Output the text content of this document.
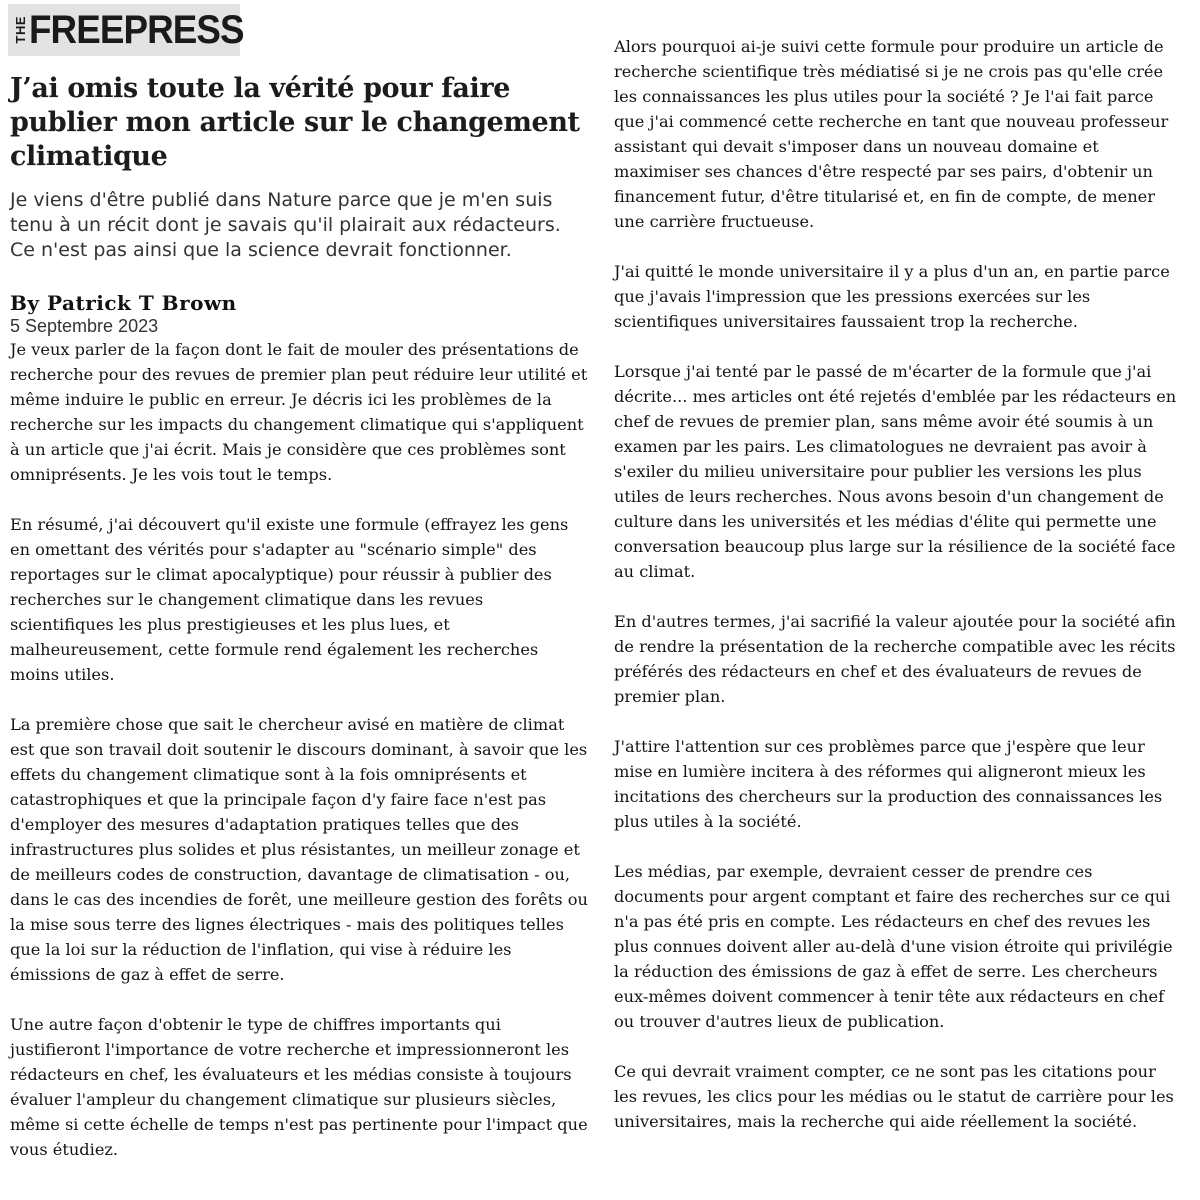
THE FREEPRESS
J’ai omis toute la vérité pour faire publier mon article sur le changement climatique

Je viens d'être publié dans Nature parce que je m'en suis tenu à un récit dont je savais qu'il plairait aux rédacteurs. Ce n'est pas ainsi que la science devrait fonctionner.

By Patrick T Brown

5 Septembre 2023

Je veux parler de la façon dont le fait de mouler des présentations de recherche pour des revues de premier plan peut réduire leur utilité et même induire le public en erreur. Je décris ici les problèmes de la recherche sur les impacts du changement climatique qui s'appliquent à un article que j'ai écrit. Mais je considère que ces problèmes sont omniprésents. Je les vois tout le temps.

En résumé, j'ai découvert qu'il existe une formule (effrayez les gens en omettant des vérités pour s'adapter au "scénario simple" des reportages sur le climat apocalyptique) pour réussir à publier des recherches sur le changement climatique dans les revues scientifiques les plus prestigieuses et les plus lues, et malheureusement, cette formule rend également les recherches moins utiles.

La première chose que sait le chercheur avisé en matière de climat est que son travail doit soutenir le discours dominant, à savoir que les effets du changement climatique sont à la fois omniprésents et catastrophiques et que la principale façon d'y faire face n'est pas d'employer des mesures d'adaptation pratiques telles que des infrastructures plus solides et plus résistantes, un meilleur zonage et de meilleurs codes de construction, davantage de climatisation - ou, dans le cas des incendies de forêt, une meilleure gestion des forêts ou la mise sous terre des lignes électriques - mais des politiques telles que la loi sur la réduction de l'inflation, qui vise à réduire les émissions de gaz à effet de serre.

Une autre façon d'obtenir le type de chiffres importants qui justifieront l'importance de votre recherche et impressionneront les rédacteurs en chef, les évaluateurs et les médias consiste à toujours évaluer l'ampleur du changement climatique sur plusieurs siècles, même si cette échelle de temps n'est pas pertinente pour l'impact que vous étudiez.

Alors pourquoi ai-je suivi cette formule pour produire un article de recherche scientifique très médiatisé si je ne crois pas qu'elle crée les connaissances les plus utiles pour la société ? Je l'ai fait parce que j'ai commencé cette recherche en tant que nouveau professeur assistant qui devait s'imposer dans un nouveau domaine et maximiser ses chances d'être respecté par ses pairs, d'obtenir un financement futur, d'être titularisé et, en fin de compte, de mener une carrière fructueuse.

J'ai quitté le monde universitaire il y a plus d'un an, en partie parce que j'avais l'impression que les pressions exercées sur les scientifiques universitaires faussaient trop la recherche.

Lorsque j'ai tenté par le passé de m'écarter de la formule que j'ai décrite... mes articles ont été rejetés d'emblée par les rédacteurs en chef de revues de premier plan, sans même avoir été soumis à un examen par les pairs. Les climatologues ne devraient pas avoir à s'exiler du milieu universitaire pour publier les versions les plus utiles de leurs recherches. Nous avons besoin d'un changement de culture dans les universités et les médias d'élite qui permette une conversation beaucoup plus large sur la résilience de la société face au climat.

En d'autres termes, j'ai sacrifié la valeur ajoutée pour la société afin de rendre la présentation de la recherche compatible avec les récits préférés des rédacteurs en chef et des évaluateurs de revues de premier plan.

J'attire l'attention sur ces problèmes parce que j'espère que leur mise en lumière incitera à des réformes qui aligneront mieux les incitations des chercheurs sur la production des connaissances les plus utiles à la société.

Les médias, par exemple, devraient cesser de prendre ces documents pour argent comptant et faire des recherches sur ce qui n'a pas été pris en compte. Les rédacteurs en chef des revues les plus connues doivent aller au-delà d'une vision étroite qui privilégie la réduction des émissions de gaz à effet de serre. Les chercheurs eux-mêmes doivent commencer à tenir tête aux rédacteurs en chef ou trouver d'autres lieux de publication.

Ce qui devrait vraiment compter, ce ne sont pas les citations pour les revues, les clics pour les médias ou le statut de carrière pour les universitaires, mais la recherche qui aide réellement la société.
